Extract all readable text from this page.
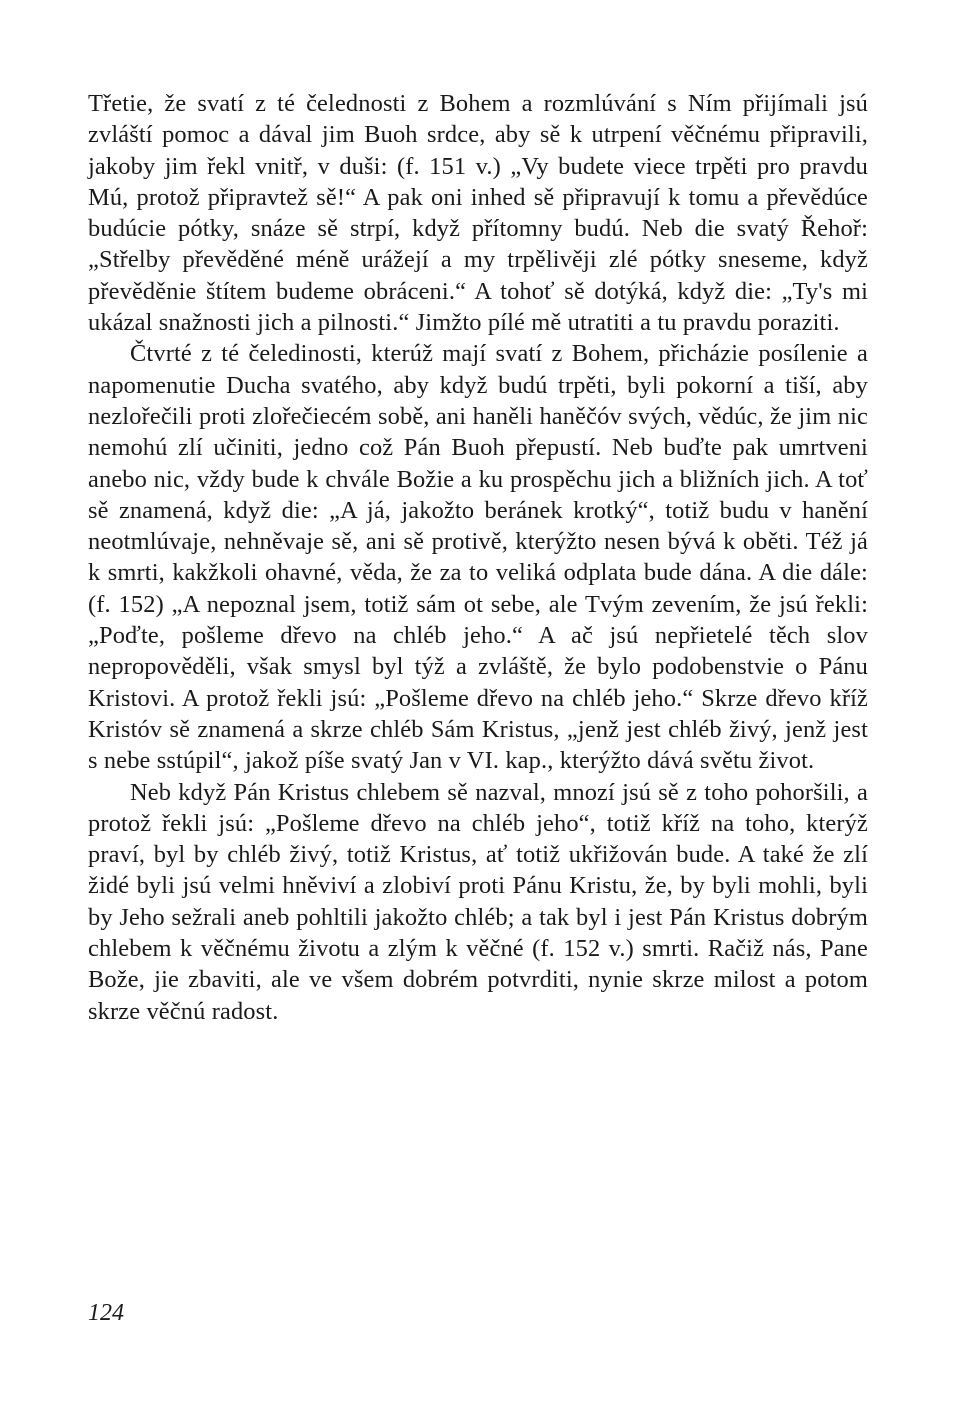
Třetie, že svatí z té čelednosti z Bohem a rozmlúvání s Ním přijímali jsú zvláští pomoc a dával jim Buoh srdce, aby sě k utrpení věčnému připravili, jakoby jim řekl vnitř, v duši: (f. 151 v.) „Vy budete viece trpěti pro pravdu Mú, protož připravtež sě!“ A pak oni inhed sě připravují k tomu a převědúce budúcie pótky, snáze sě strpí, když přítomny budú. Neb die svatý Řehoř: „Střelby převěděné méně urážejí a my trpělivěji zlé pótky sneseme, když převěděnie štítem budeme obráceni.“ A tohoť sě dotýká, když die: „Ty's mi ukázal snažnosti jich a pilnosti.“ Jimžto pílé mě utratiti a tu pravdu poraziti.

Čtvrté z té čeledinosti, kterúž mají svatí z Bohem, přicházie posílenie a napomenutie Ducha svatého, aby když budú trpěti, byli pokorní a tiší, aby nezlořečili proti zlořečiecém sobě, ani haněli haněčóv svých, vědúc, že jim nic nemohú zlí učiniti, jedno což Pán Buoh přepustí. Neb buďte pak umrtveni anebo nic, vždy bude k chvále Božie a ku prospěchu jich a bližních jich. A toť sě znamená, když die: „A já, jakožto beránek krotký“, totiž budu v hanění neotmlúvaje, nehněvaje sě, ani sě protivě, kterýžto nesen bývá k oběti. Též já k smrti, kakžkoli ohavné, věda, že za to veliká odplata bude dána. A die dále: (f. 152) „A nepoznal jsem, totiž sám ot sebe, ale Tvým zevením, že jsú řekli: „Poďte, pošleme dřevo na chléb jeho.“ A ač jsú nepřietelé těch slov nepropověděli, však smysl byl týž a zvláště, že bylo podobenstvie o Pánu Kristovi. A protož řekli jsú: „Pošleme dřevo na chléb jeho.“ Skrze dřevo kříž Kristóv sě znamená a skrze chléb Sám Kristus, „jenž jest chléb živý, jenž jest s nebe sstúpil“, jakož píše svatý Jan v VI. kap., kterýžto dává světu život.

Neb když Pán Kristus chlebem sě nazval, mnozí jsú sě z toho pohoršili, a protož řekli jsú: „Pošleme dřevo na chléb jeho“, totiž kříž na toho, kterýž praví, byl by chléb živý, totiž Kristus, ať totiž ukřižován bude. A také že zlí židé byli jsú velmi hněviví a zlobiví proti Pánu Kristu, že, by byli mohli, byli by Jeho sežrali aneb pohltili jakožto chléb; a tak byl i jest Pán Kristus dobrým chlebem k věčnému životu a zlým k věčné (f. 152 v.) smrti. Račiž nás, Pane Bože, jie zbaviti, ale ve všem dobrém potvrditi, nynie skrze milost a potom skrze věčnú radost.

124
